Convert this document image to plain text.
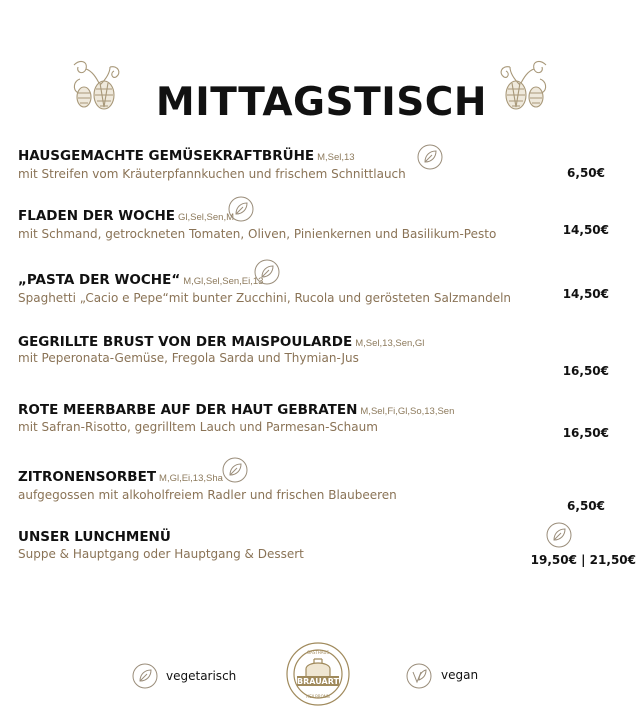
MITTAGSTISCH
HAUSGEMACHTE GEMÜSEKRAFTBRÜHE M,Sel,13
mit Streifen vom Kräuterpfannkuchen und frischem Schnittlauch	6,50€
FLADEN DER WOCHE Gl,Sel,Sen,M
mit Schmand, getrockneten Tomaten, Oliven, Pinienkernen und Basilikum-Pesto	14,50€
„PASTA DER WOCHE“ M,Gl,Sel,Sen,Ei,13
Spaghetti „Cacio e Pepe“mit bunter Zucchini, Rucola und gerösteten Salzmandeln	14,50€
GEGRILLTE BRUST VON DER MAISPOULARDE M,Sel,13,Sen,Gl
mit Peperonata-Gemüse, Fregola Sarda und Thymian-Jus
16,50€
ROTE MEERBARBE AUF DER HAUT GEBRATEN M,Sel,Fi,Gl,So,13,Sen
mit Safran-Risotto, gegrilltem Lauch und Parmesan-Schaum	16,50€
ZITRONENSORBET M,Gl,Ei,13,Sha
aufgegossen mit alkoholfreiem Radler und frischen Blaubeeren
6,50€
UNSER LUNCHMENÜ
Suppe & Hauptgang oder Hauptgang & Dessert	19,50€ | 21,50€
vegetarisch	BRAUART
GASTHAUS
HEILBRONN
vegan
